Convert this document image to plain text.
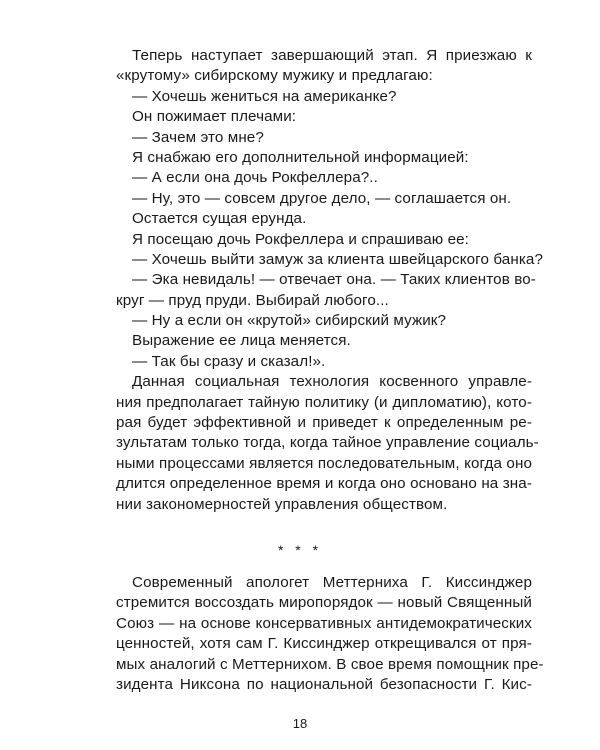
Теперь наступает завершающий этап. Я приезжаю к
«крутому» сибирскому мужику и предлагаю:
— Хочешь жениться на американке?
Он пожимает плечами:
— Зачем это мне?
Я снабжаю его дополнительной информацией:
— А если она дочь Рокфеллера?..
— Ну, это — совсем другое дело, — соглашается он.
Остается сущая ерунда.
Я посещаю дочь Рокфеллера и спрашиваю ее:
— Хочешь выйти замуж за клиента швейцарского банка?
— Эка невидаль! — отвечает она. — Таких клиентов во-
круг — пруд пруди. Выбирай любого...
— Ну а если он «крутой» сибирский мужик?
Выражение ее лица меняется.
— Так бы сразу и сказал!».
Данная социальная технология косвенного управле-
ния предполагает тайную политику (и дипломатию), кото-
рая будет эффективной и приведет к определенным ре-
зультатам только тогда, когда тайное управление социаль-
ными процессами является последовательным, когда оно
длится определенное время и когда оно основано на зна-
нии закономерностей управления обществом.
* * *
Современный апологет Меттерниха Г. Киссинджер
стремится воссоздать миропорядок — новый Священный
Союз — на основе консервативных антидемократических
ценностей, хотя сам Г. Киссинджер открещивался от пря-
мых аналогий с Меттернихом. В свое время помощник пре-
зидента Никсона по национальной безопасности Г. Кис-
18
